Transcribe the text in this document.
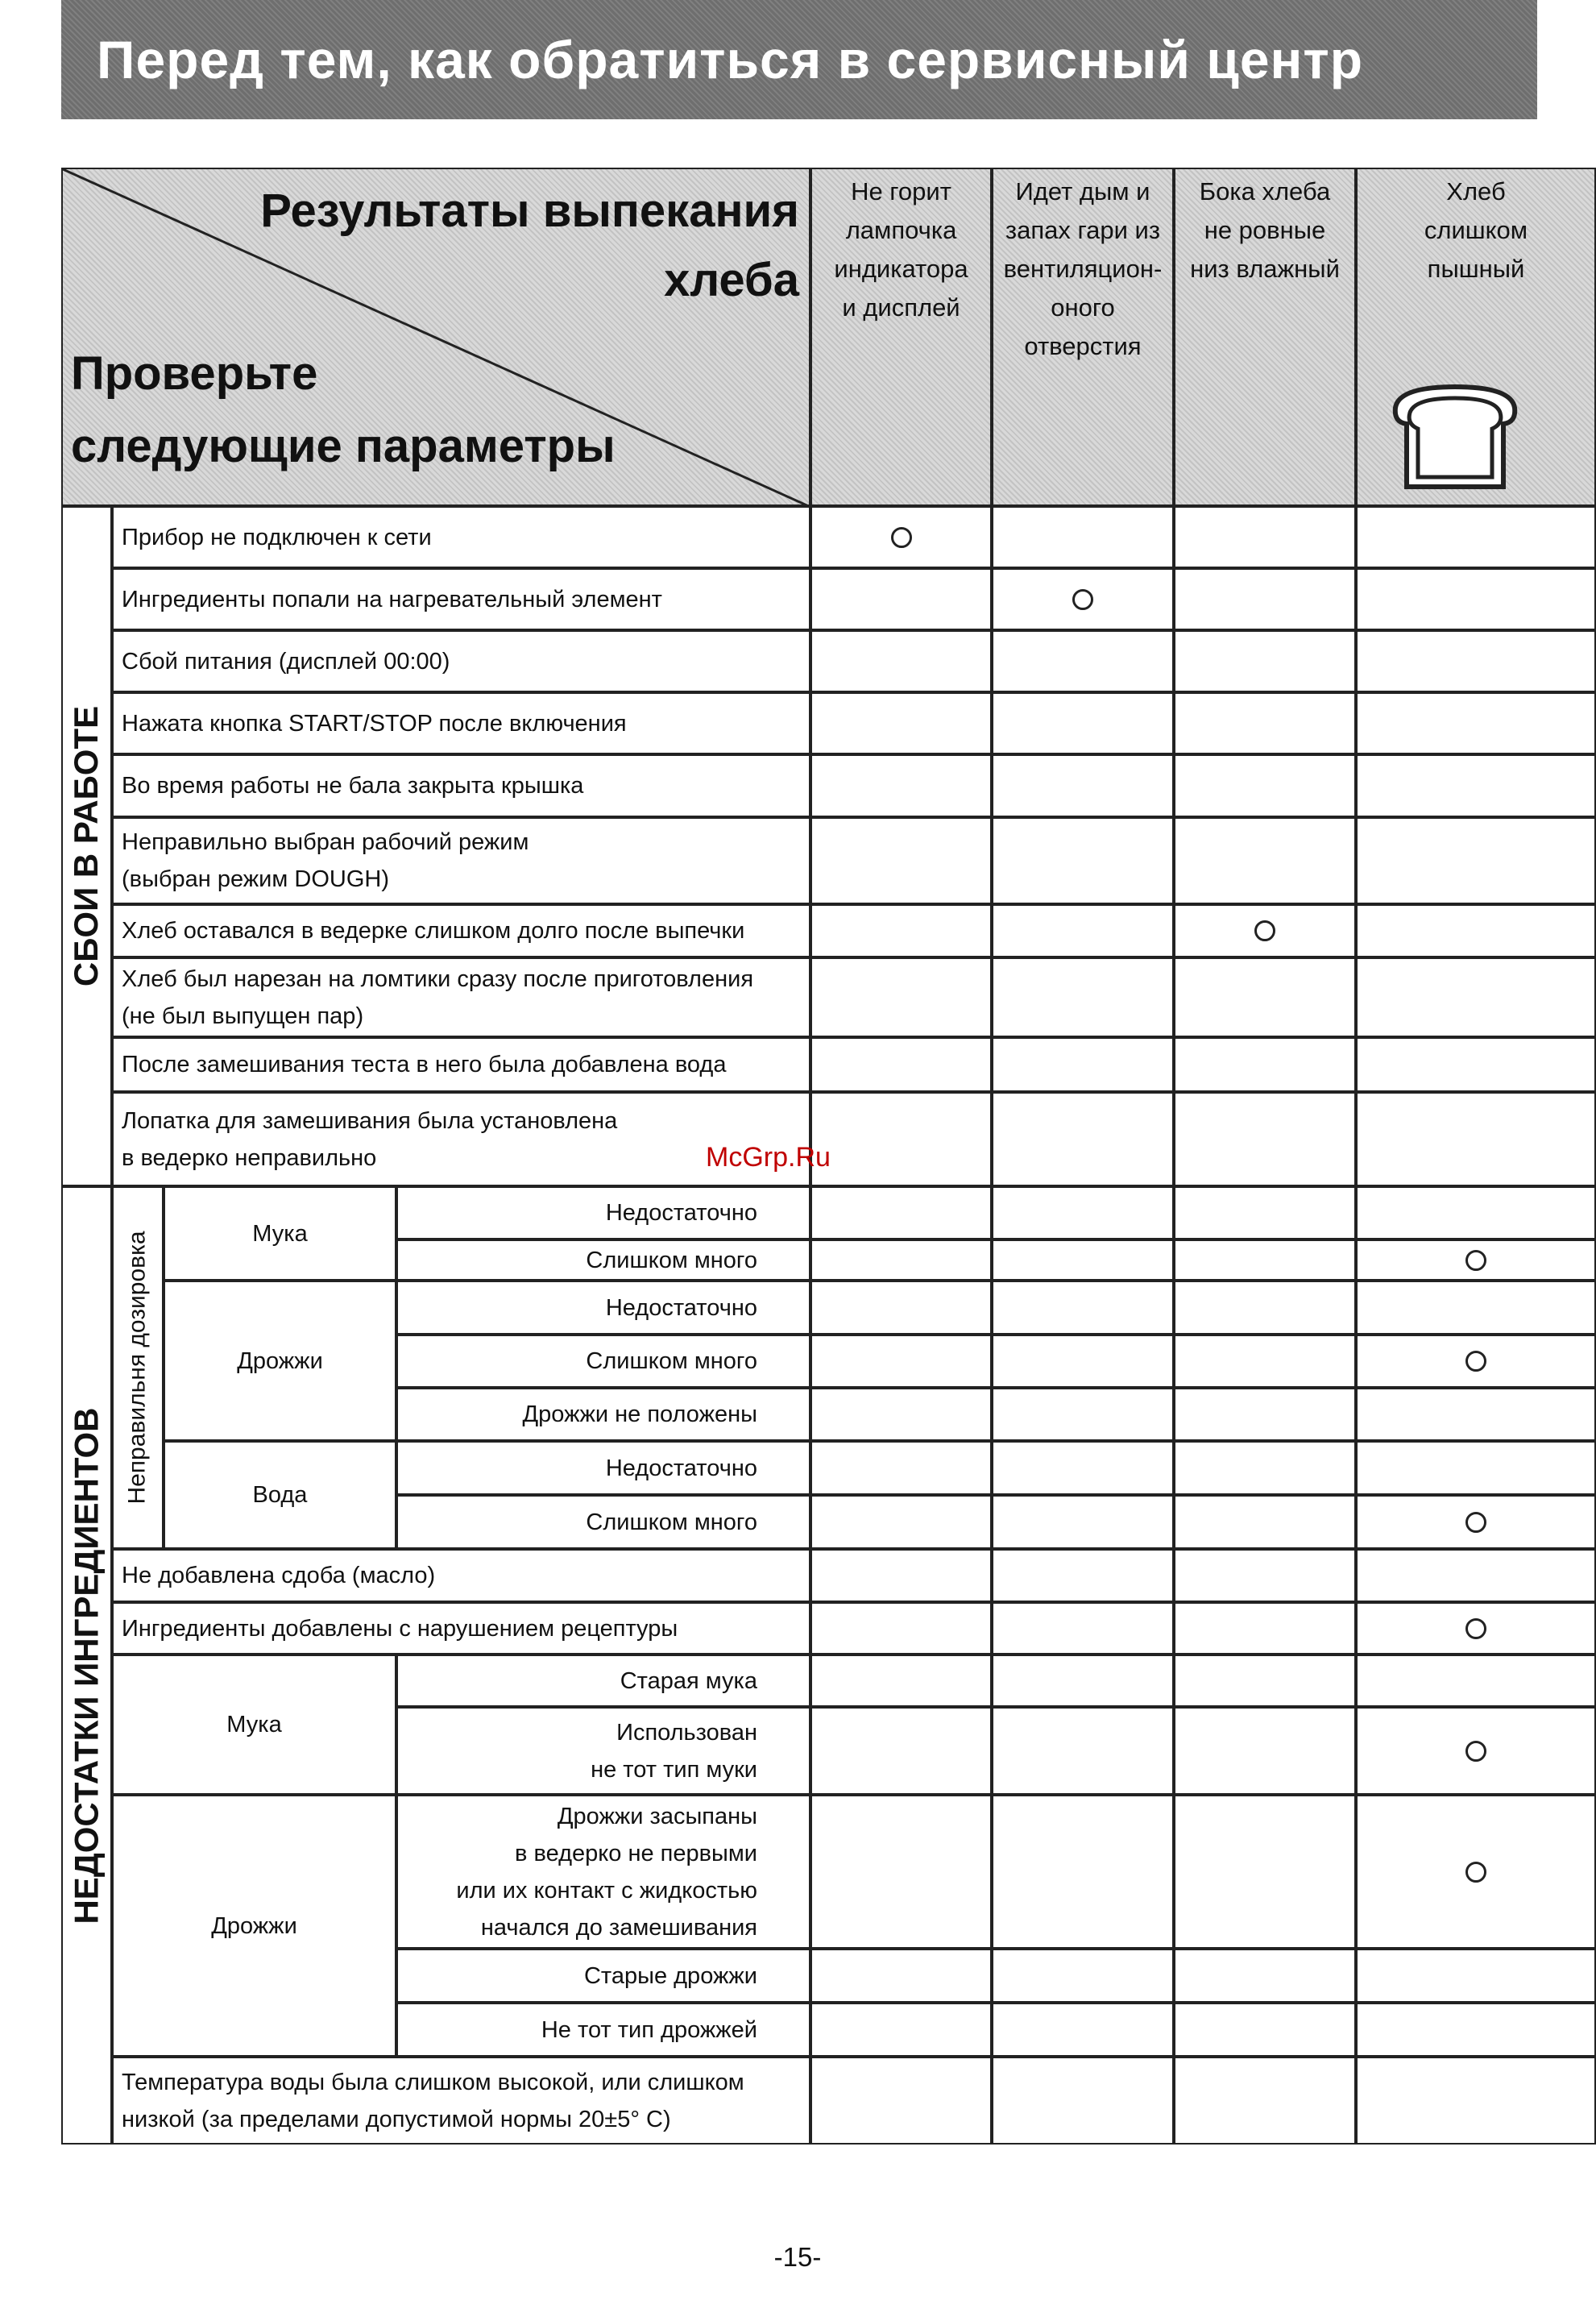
Перед тем, как обратиться в сервисный центр
Результаты выпекания
хлеба
Проверьте
следующие параметры
Не горит
лампочка
индикатора
и дисплей
Идет дым и
запах гари из
вентиляцион-
оного
отверстия
Бока хлеба
не ровные
низ влажный
Хлеб
слишком
пышный
СБОИ В РАБОТЕ
НЕДОСТАТКИ ИНГРЕДИЕНТОВ
Неправильня дозировка	Мука
Дрожжи
Вода
Мука
Дрожжи
Прибор не подключен к сети
Ингредиенты попали на нагревательный элемент
Сбой питания (дисплей 00:00)
Нажата кнопка START/STOP после включения
Во время работы не бала закрыта крышка
Неправильно выбран рабочий режим
(выбран режим DOUGH)
Хлеб оставался в ведерке слишком долго после выпечки
Хлеб был нарезан на ломтики сразу после приготовления
(не был выпущен пар)
После замешивания теста в него была добавлена вода
Лопатка для замешивания была установлена
в ведерко неправильно
Недостаточно
Слишком много
Недостаточно
Слишком много
Дрожжи не положены
Недостаточно
Слишком много
Не добавлена сдоба (масло)
Ингредиенты добавлены с нарушением рецептуры
Старая мука
Использован
не тот тип муки
Дрожжи засыпаны
в ведерко не первыми
или их контакт с жидкостью
начался до замешивания
Старые дрожжи
Не тот тип дрожжей
Температура воды была слишком высокой, или слишком
низкой (за пределами допустимой нормы 20±5° С)
McGrp.Ru
-15-
